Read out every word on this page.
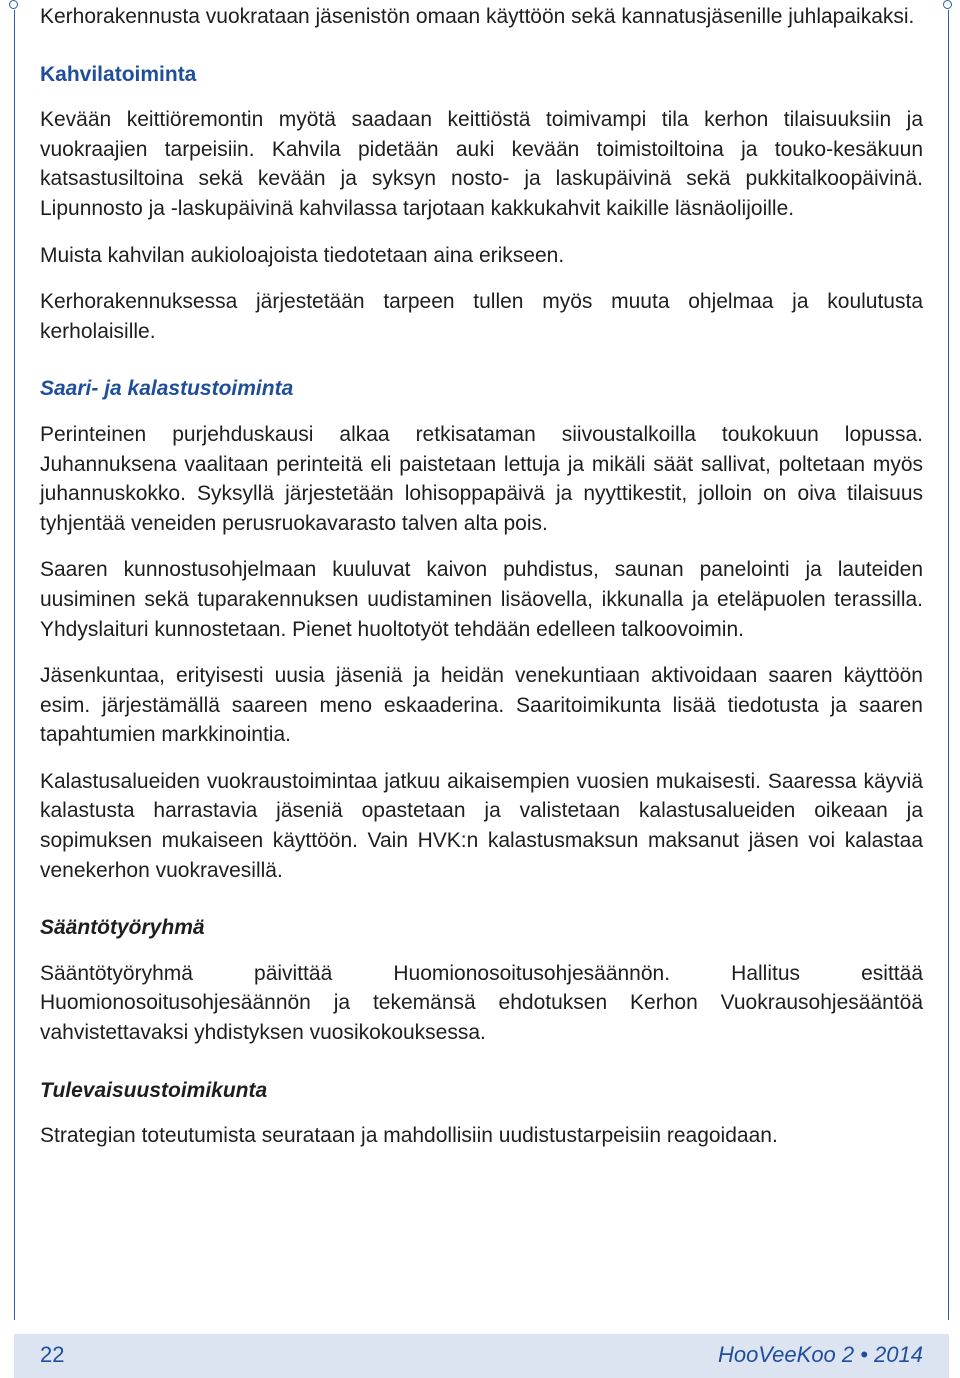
Kerhorakennusta vuokrataan jäsenistön omaan käyttöön sekä kannatusjäsenille juhlapaikaksi.

Kahvilatoiminta

Kevään keittiöremontin myötä saadaan keittiöstä toimivampi tila kerhon tilaisuuksiin ja vuokraajien tarpeisiin. Kahvila pidetään auki kevään toimistoiltoina ja touko-kesäkuun katsastusiltoina sekä kevään ja syksyn nosto- ja laskupäivinä sekä pukkitalkoopäivinä. Lipunnosto ja -laskupäivinä kahvilassa tarjotaan kakkukahvit kaikille läsnäolijoille.

Muista kahvilan aukioloajoista tiedotetaan aina erikseen.

Kerhorakennuksessa järjestetään tarpeen tullen myös muuta ohjelmaa ja koulutusta kerholaisille.

Saari- ja kalastustoiminta

Perinteinen purjehduskausi alkaa retkisataman siivoustalkoilla toukokuun lopussa. Juhannuksena vaalitaan perinteitä eli paistetaan lettuja ja mikäli säät sallivat, poltetaan myös juhannuskokko. Syksyllä järjestetään lohisoppapäivä ja nyyttikestit, jolloin on oiva tilaisuus tyhjentää veneiden perusruokavarasto talven alta pois.

Saaren kunnostusohjelmaan kuuluvat kaivon puhdistus, saunan panelointi ja lauteiden uusiminen sekä tuparakennuksen uudistaminen lisäovella, ikkunalla ja eteläpuolen terassilla. Yhdyslaituri kunnostetaan. Pienet huoltotyöt tehdään edelleen talkoovoimin.

Jäsenkuntaa, erityisesti uusia jäseniä ja heidän venekuntiaan aktivoidaan saaren käyttöön esim. järjestämällä saareen meno eskaaderina. Saaritoimikunta lisää tiedotusta ja saaren tapahtumien markkinointia.

Kalastusalueiden vuokraustoimintaa jatkuu aikaisempien vuosien mukaisesti. Saaressa käyviä kalastusta harrastavia jäseniä opastetaan ja valistetaan kalastusalueiden oikeaan ja sopimuksen mukaiseen käyttöön. Vain HVK:n kalastusmaksun maksanut jäsen voi kalastaa venekerhon vuokravesillä.

Sääntötyöryhmä

Sääntötyöryhmä päivittää Huomionosoitusohjesäännön. Hallitus esittää Huomionosoitusohjesäännön ja tekemänsä ehdotuksen Kerhon Vuokrausohjesääntöä vahvistettavaksi yhdistyksen vuosikokouksessa.

Tulevaisuustoimikunta

Strategian toteutumista seurataan ja mahdollisiin uudistustarpeisiin reagoidaan.

22	HooVeeKoo 2 • 2014
